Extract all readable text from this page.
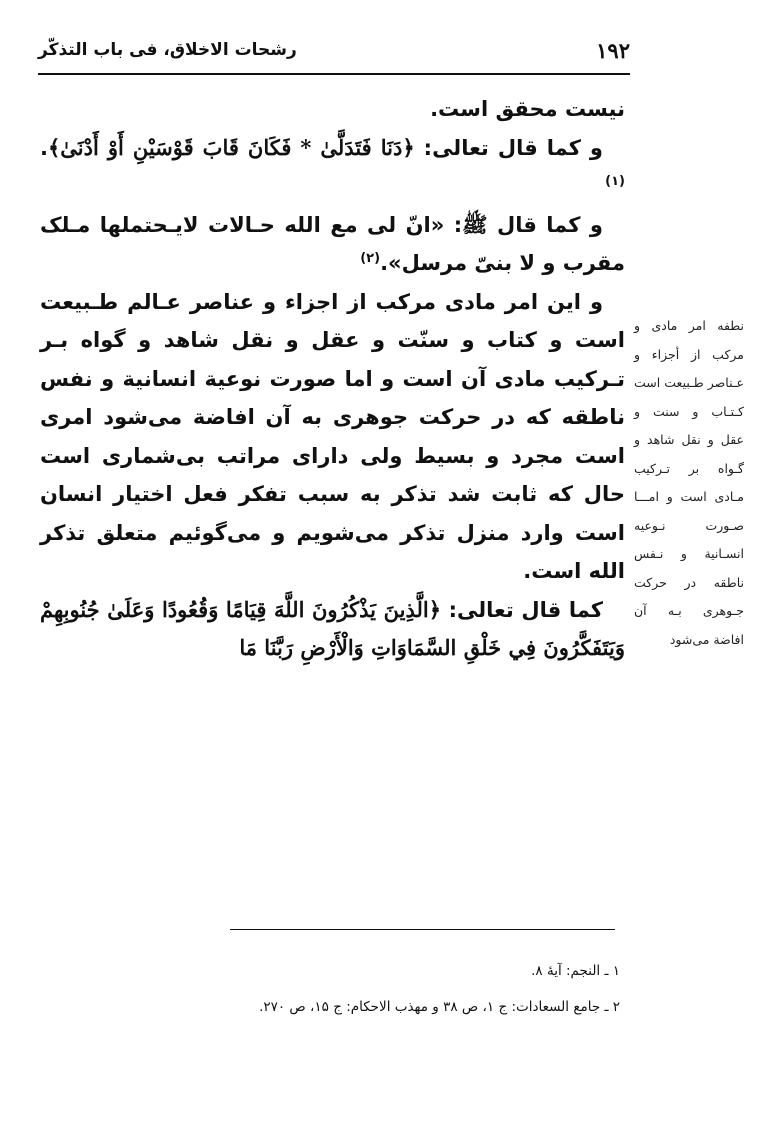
۱۹۲
رشحات الاخلاق، فی باب التذکّر

نیست محقق است.

و کما قال تعالی: ﴿دَنَا فَتَدَلَّىٰ * فَكَانَ قَابَ قَوْسَيْنِ أَوْ أَدْنَىٰ﴾.$^{(۱)}$

و کما قال ﷺ: «انّ لی مع الله حـالات لایـحتملها مـلک مقرب و لا بنیّ مرسل».$^{(۲)}$

و این امر مادی مرکب از اجزاء و عناصر عـالم طـبیعت است و کتاب و سنّت و عقل و نقل شاهد و گواه بـر تـرکیب مادی آن است و اما صورت نوعیة انسانیة و نفس ناطقه که در حرکت جوهری به آن افاضة می‌شود امری است مجرد و بسیط ولی دارای مراتب بی‌شماری است حال که ثابت شد تذکر به سبب تفکر فعل اختیار انسان است وارد منزل تذکر می‌شویم و می‌گوئیم متعلق تذکر الله است.

کما قال تعالی: ﴿الَّذِينَ يَذْكُرُونَ اللَّهَ قِيَامًا وَقُعُودًا وَعَلَىٰ جُنُوبِهِمْ وَيَتَفَكَّرُونَ فِي خَلْقِ السَّمَاوَاتِ وَالْأَرْضِ رَبَّنَا مَا

نطفه امر مادی و مرکب از أجزاء و عـناصر طـبیعت است کـتـاب و سنت و عقل و نقل شاهد و گـواه بر تـرکیب مـادی است و امـــا صـورت نـوعیه انسـانیة و نـفس ناطقه در حرکت جـوهری بـه آن افاضة می‌شود

۱ ـ النجم: آیهٔ ۸.

۲ ـ جامع السعادات: ج ۱، ص ۳۸ و مهذب الاحکام: ج ۱۵، ص ۲۷۰.
